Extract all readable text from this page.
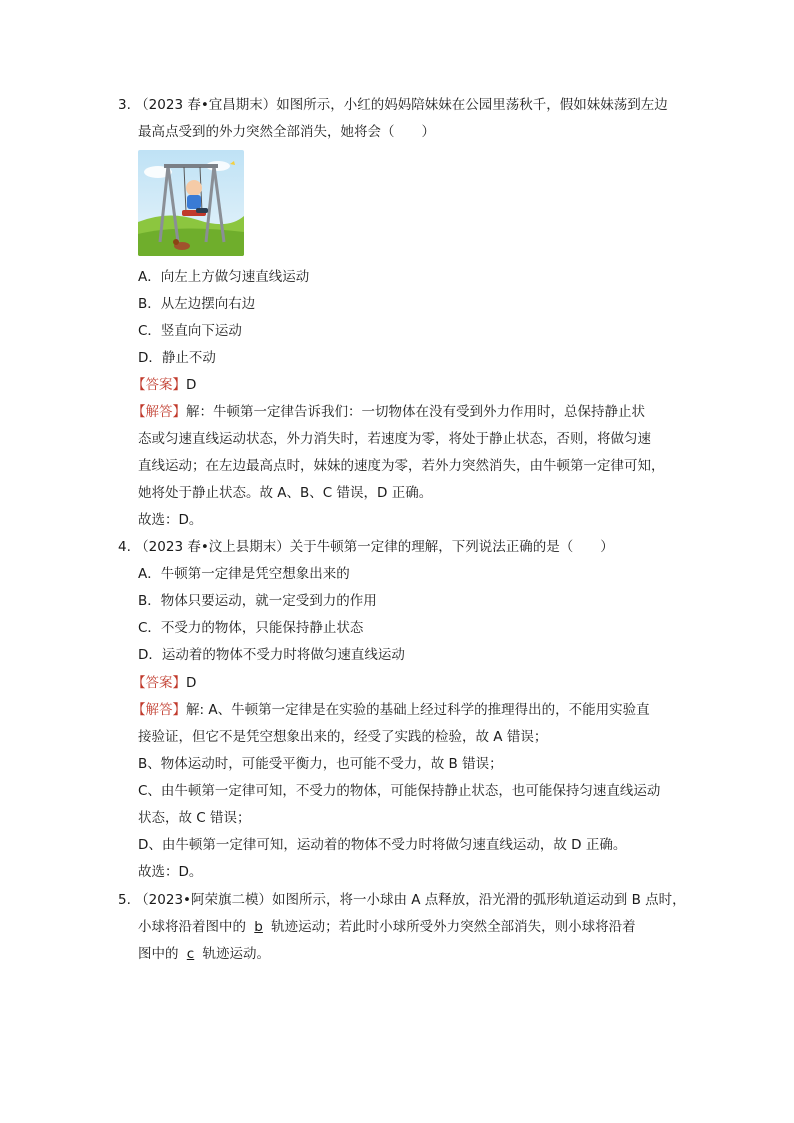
3. （2023 春•宜昌期末）如图所示，小红的妈妈陪妹妹在公园里荡秋千，假如妹妹荡到左边
最高点受到的外力突然全部消失，她将会（　　）
A．向左上方做匀速直线运动
B．从左边摆向右边
C．竖直向下运动
D．静止不动
【答案】D
【解答】解：牛顿第一定律告诉我们：一切物体在没有受到外力作用时，总保持静止状
态或匀速直线运动状态，外力消失时，若速度为零，将处于静止状态，否则，将做匀速
直线运动；在左边最高点时，妹妹的速度为零，若外力突然消失，由牛顿第一定律可知，
她将处于静止状态。故 A、B、C 错误，D 正确。
故选：D。
4. （2023 春•汶上县期末）关于牛顿第一定律的理解，下列说法正确的是（　　）
A．牛顿第一定律是凭空想象出来的
B．物体只要运动，就一定受到力的作用
C．不受力的物体，只能保持静止状态
D．运动着的物体不受力时将做匀速直线运动
【答案】D
【解答】解: A、牛顿第一定律是在实验的基础上经过科学的推理得出的，不能用实验直
接验证，但它不是凭空想象出来的，经受了实践的检验，故 A 错误；
B、物体运动时，可能受平衡力，也可能不受力，故 B 错误；
C、由牛顿第一定律可知，不受力的物体，可能保持静止状态，也可能保持匀速直线运动
状态，故 C 错误；
D、由牛顿第一定律可知，运动着的物体不受力时将做匀速直线运动，故 D 正确。
故选：D。
5. （2023•阿荣旗二模）如图所示，将一小球由 A 点释放，沿光滑的弧形轨道运动到 B 点时，
小球将沿着图中的 b 轨迹运动；若此时小球所受外力突然全部消失，则小球将沿着
图中的 c 轨迹运动。
